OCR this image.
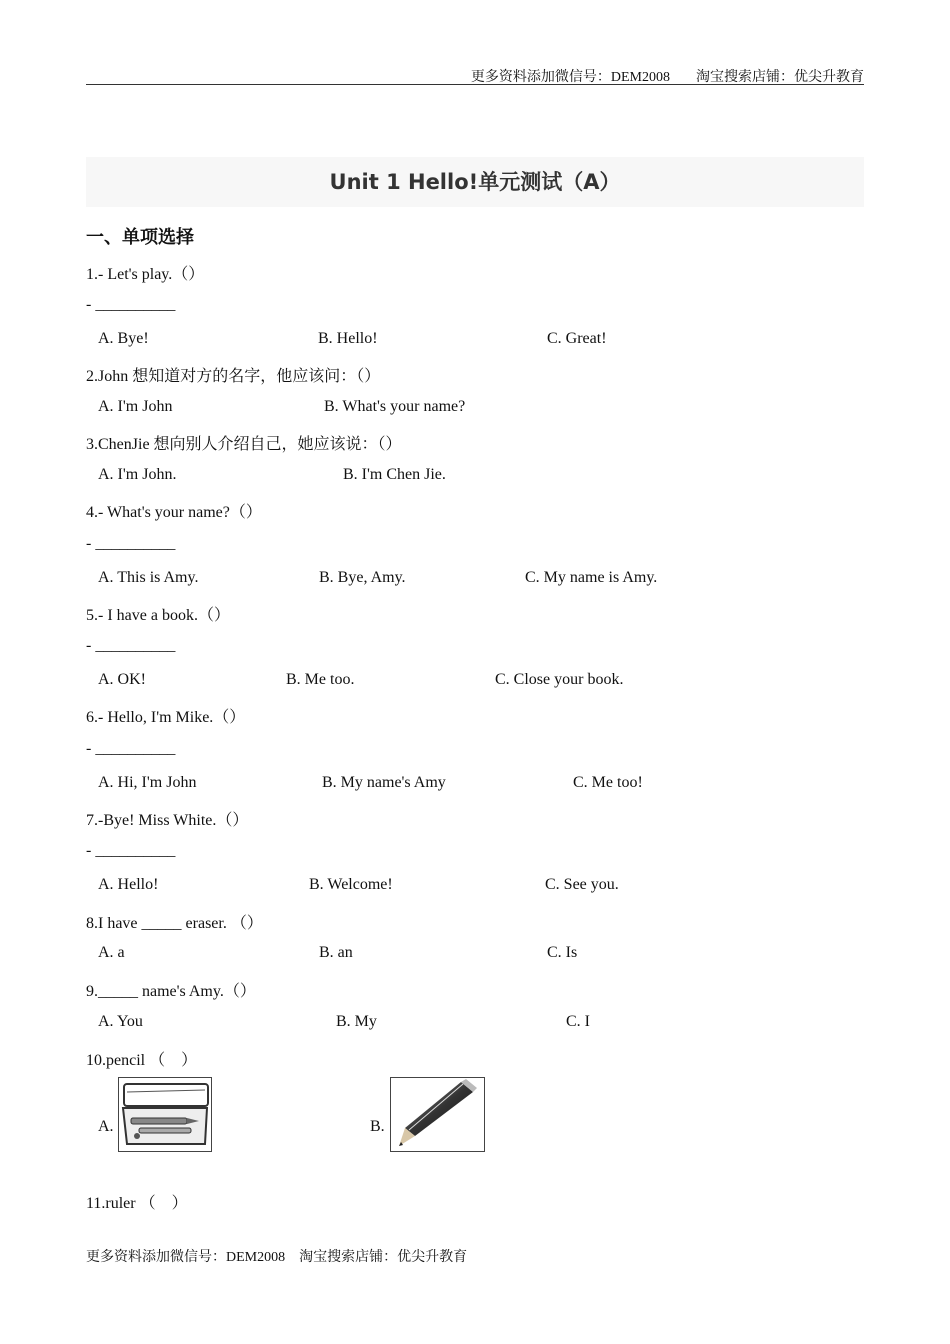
更多资料添加微信号：DEM2008 淘宝搜索店铺：优尖升教育
Unit 1 Hello!单元测试（A）
一、单项选择
1.- Let's play.（）
- __________
A. Bye!	B. Hello!	C. Great!
2.John 想知道对方的名字，他应该问：（）
A. I'm John	B. What's your name?
3.ChenJie 想向别人介绍自己，她应该说：（）
A. I'm John.	B. I'm Chen Jie.
4.- What's your name?（）
- __________
A. This is Amy.	B. Bye, Amy.	C. My name is Amy.
5.- I have a book.（）
- __________
A. OK!	B. Me too.	C. Close your book.
6.- Hello, I'm Mike.（）
- __________
A. Hi, I'm John	B. My name's Amy	C. Me too!
7.-Bye! Miss White.（）
- __________
A. Hello!	B. Welcome!	C. See you.
8.I have _____ eraser. （）
A. a	B. an	C. Is
9._____ name's Amy.（）
A. You	B. My	C. I
10.pencil （　）
A.	B.
11.ruler （　）
更多资料添加微信号：DEM2008 淘宝搜索店铺：优尖升教育
